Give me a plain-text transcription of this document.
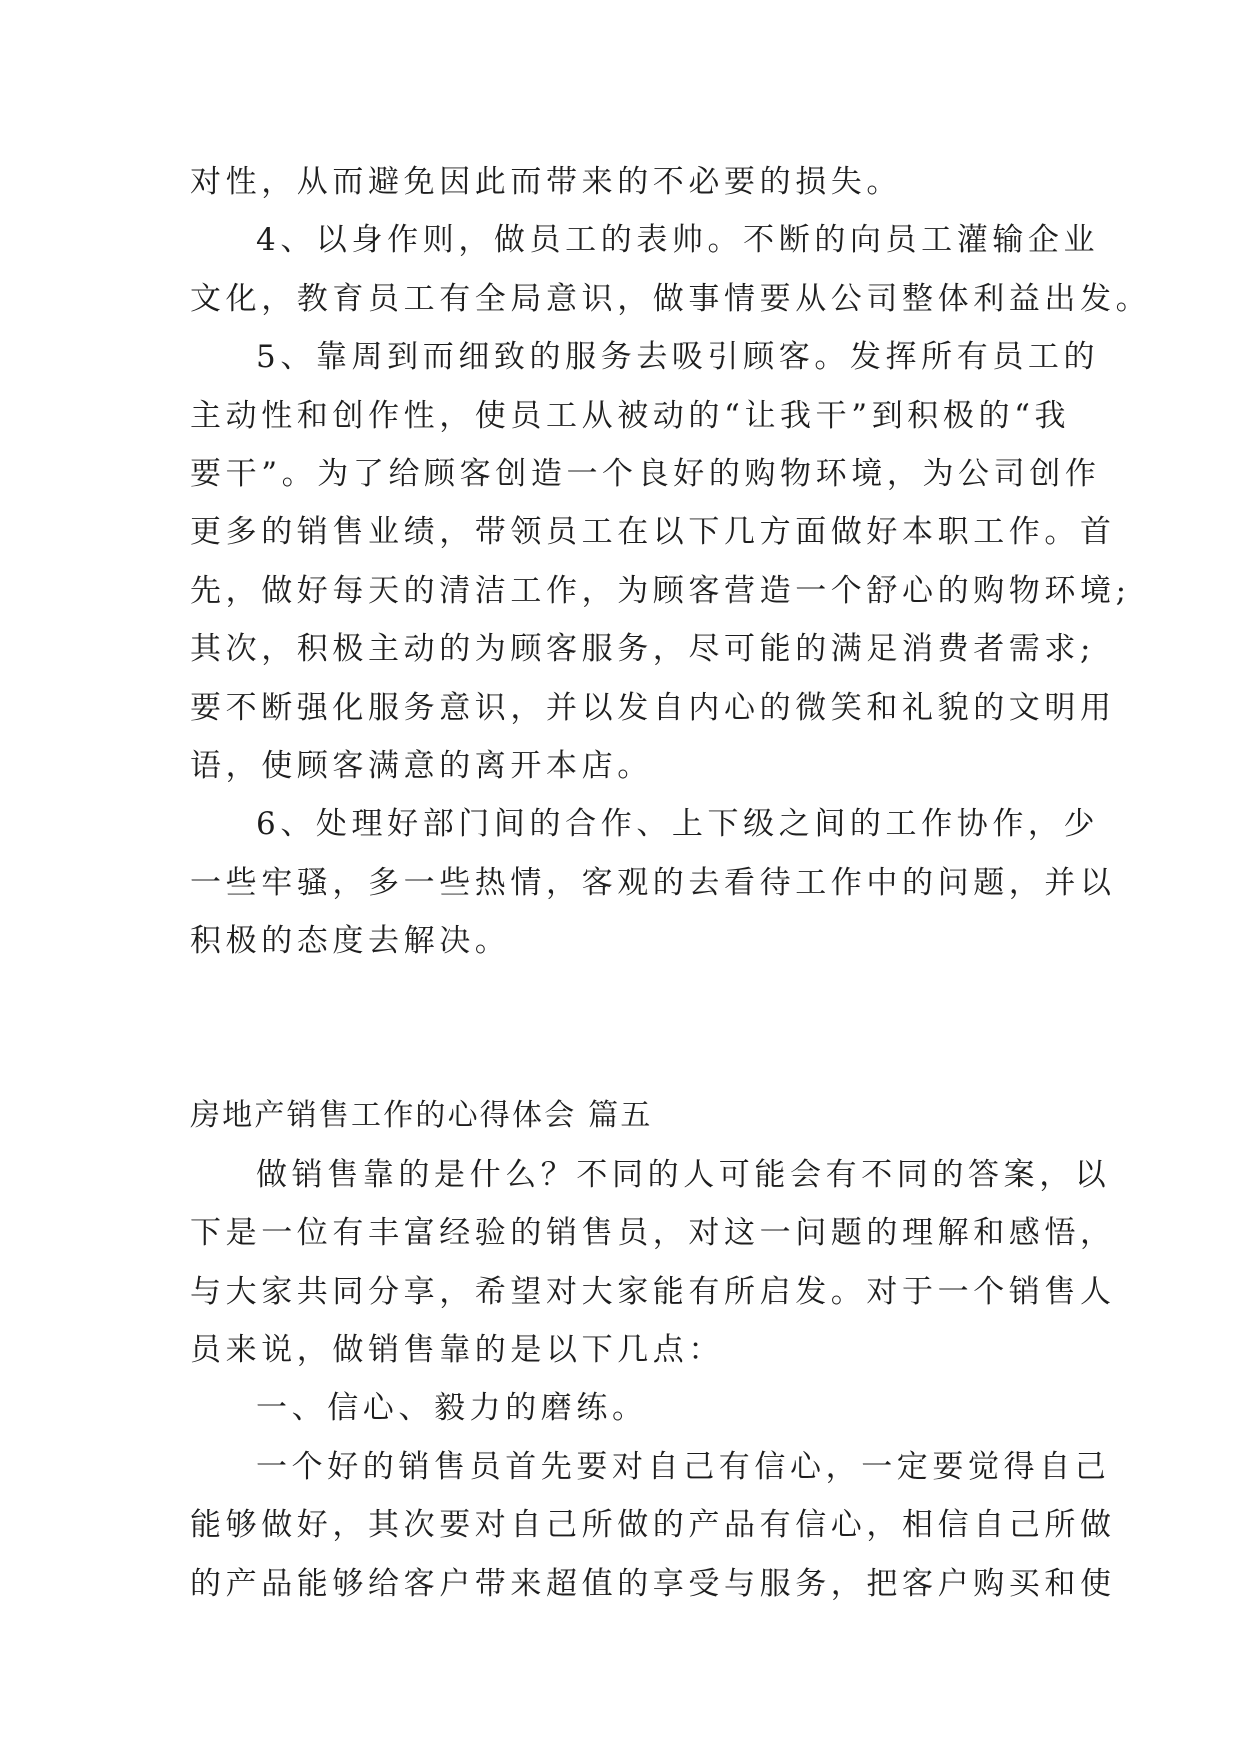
对性，从而避免因此而带来的不必要的损失。
4、以身作则，做员工的表帅。不断的向员工灌输企业
文化，教育员工有全局意识，做事情要从公司整体利益出发。
5、靠周到而细致的服务去吸引顾客。发挥所有员工的
主动性和创作性，使员工从被动的“让我干”到积极的“我
要干”。为了给顾客创造一个良好的购物环境，为公司创作
更多的销售业绩，带领员工在以下几方面做好本职工作。首
先，做好每天的清洁工作，为顾客营造一个舒心的购物环境;
其次，积极主动的为顾客服务，尽可能的满足消费者需求;
要不断强化服务意识，并以发自内心的微笑和礼貌的文明用
语，使顾客满意的离开本店。
6、处理好部门间的合作、上下级之间的工作协作，少
一些牢骚，多一些热情，客观的去看待工作中的问题，并以
积极的态度去解决。
房地产销售工作的心得体会 篇五
做销售靠的是什么？不同的人可能会有不同的答案，以
下是一位有丰富经验的销售员，对这一问题的理解和感悟，
与大家共同分享，希望对大家能有所启发。对于一个销售人
员来说，做销售靠的是以下几点：
一、信心、毅力的磨练。
一个好的销售员首先要对自己有信心，一定要觉得自己
能够做好，其次要对自己所做的产品有信心，相信自己所做
的产品能够给客户带来超值的享受与服务，把客户购买和使
